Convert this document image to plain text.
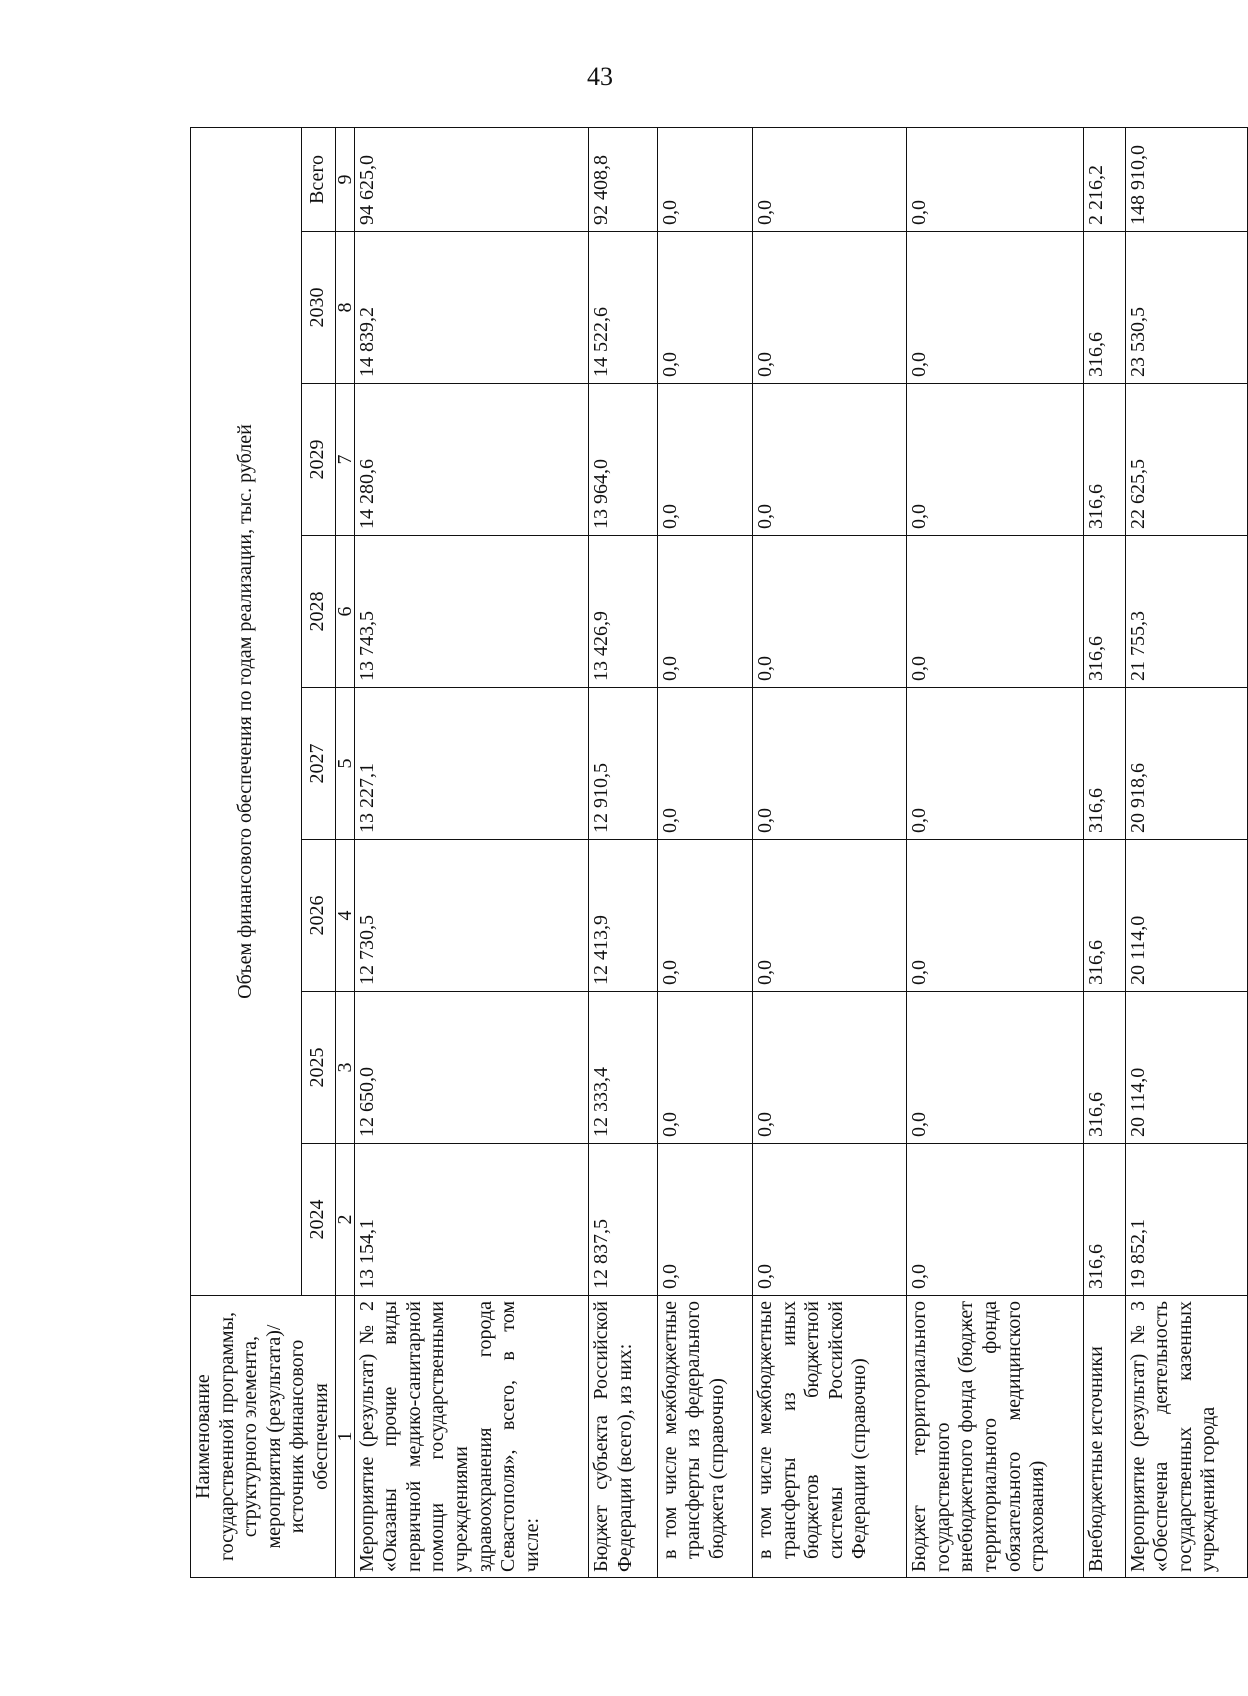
43
Наименование государственной программы, структурного элемента, мероприятия (результата)/источник финансового обеспечения	Объем финансового обеспечения по годам реализации, тыс. рублей							
	2024	2025	2026	2027	2028	2029	2030	Всего
1	2	3	4	5	6	7	8	9
Мероприятие (результат) № 2 «Оказаны прочие виды первичной медико-санитарной помощи государственными учреждениями здравоохранения города Севастополя», всего, в том числе:	13 154,1	12 650,0	12 730,5	13 227,1	13 743,5	14 280,6	14 839,2	94 625,0
Бюджет субъекта Российской Федерации (всего), из них:	12 837,5	12 333,4	12 413,9	12 910,5	13 426,9	13 964,0	14 522,6	92 408,8
в том числе межбюджетные трансферты из федерального бюджета (справочно)	0,0	0,0	0,0	0,0	0,0	0,0	0,0	0,0
в том числе межбюджетные трансферты из иных бюджетов бюджетной системы Российской Федерации (справочно)	0,0	0,0	0,0	0,0	0,0	0,0	0,0	0,0
Бюджет территориального государственного внебюджетного фонда (бюджет территориального фонда обязательного медицинского страхования)	0,0	0,0	0,0	0,0	0,0	0,0	0,0	0,0
Внебюджетные источники	316,6	316,6	316,6	316,6	316,6	316,6	316,6	2 216,2
Мероприятие (результат) № 3 «Обеспечена деятельность государственных казенных учреждений города	19 852,1	20 114,0	20 114,0	20 918,6	21 755,3	22 625,5	23 530,5	148 910,0
